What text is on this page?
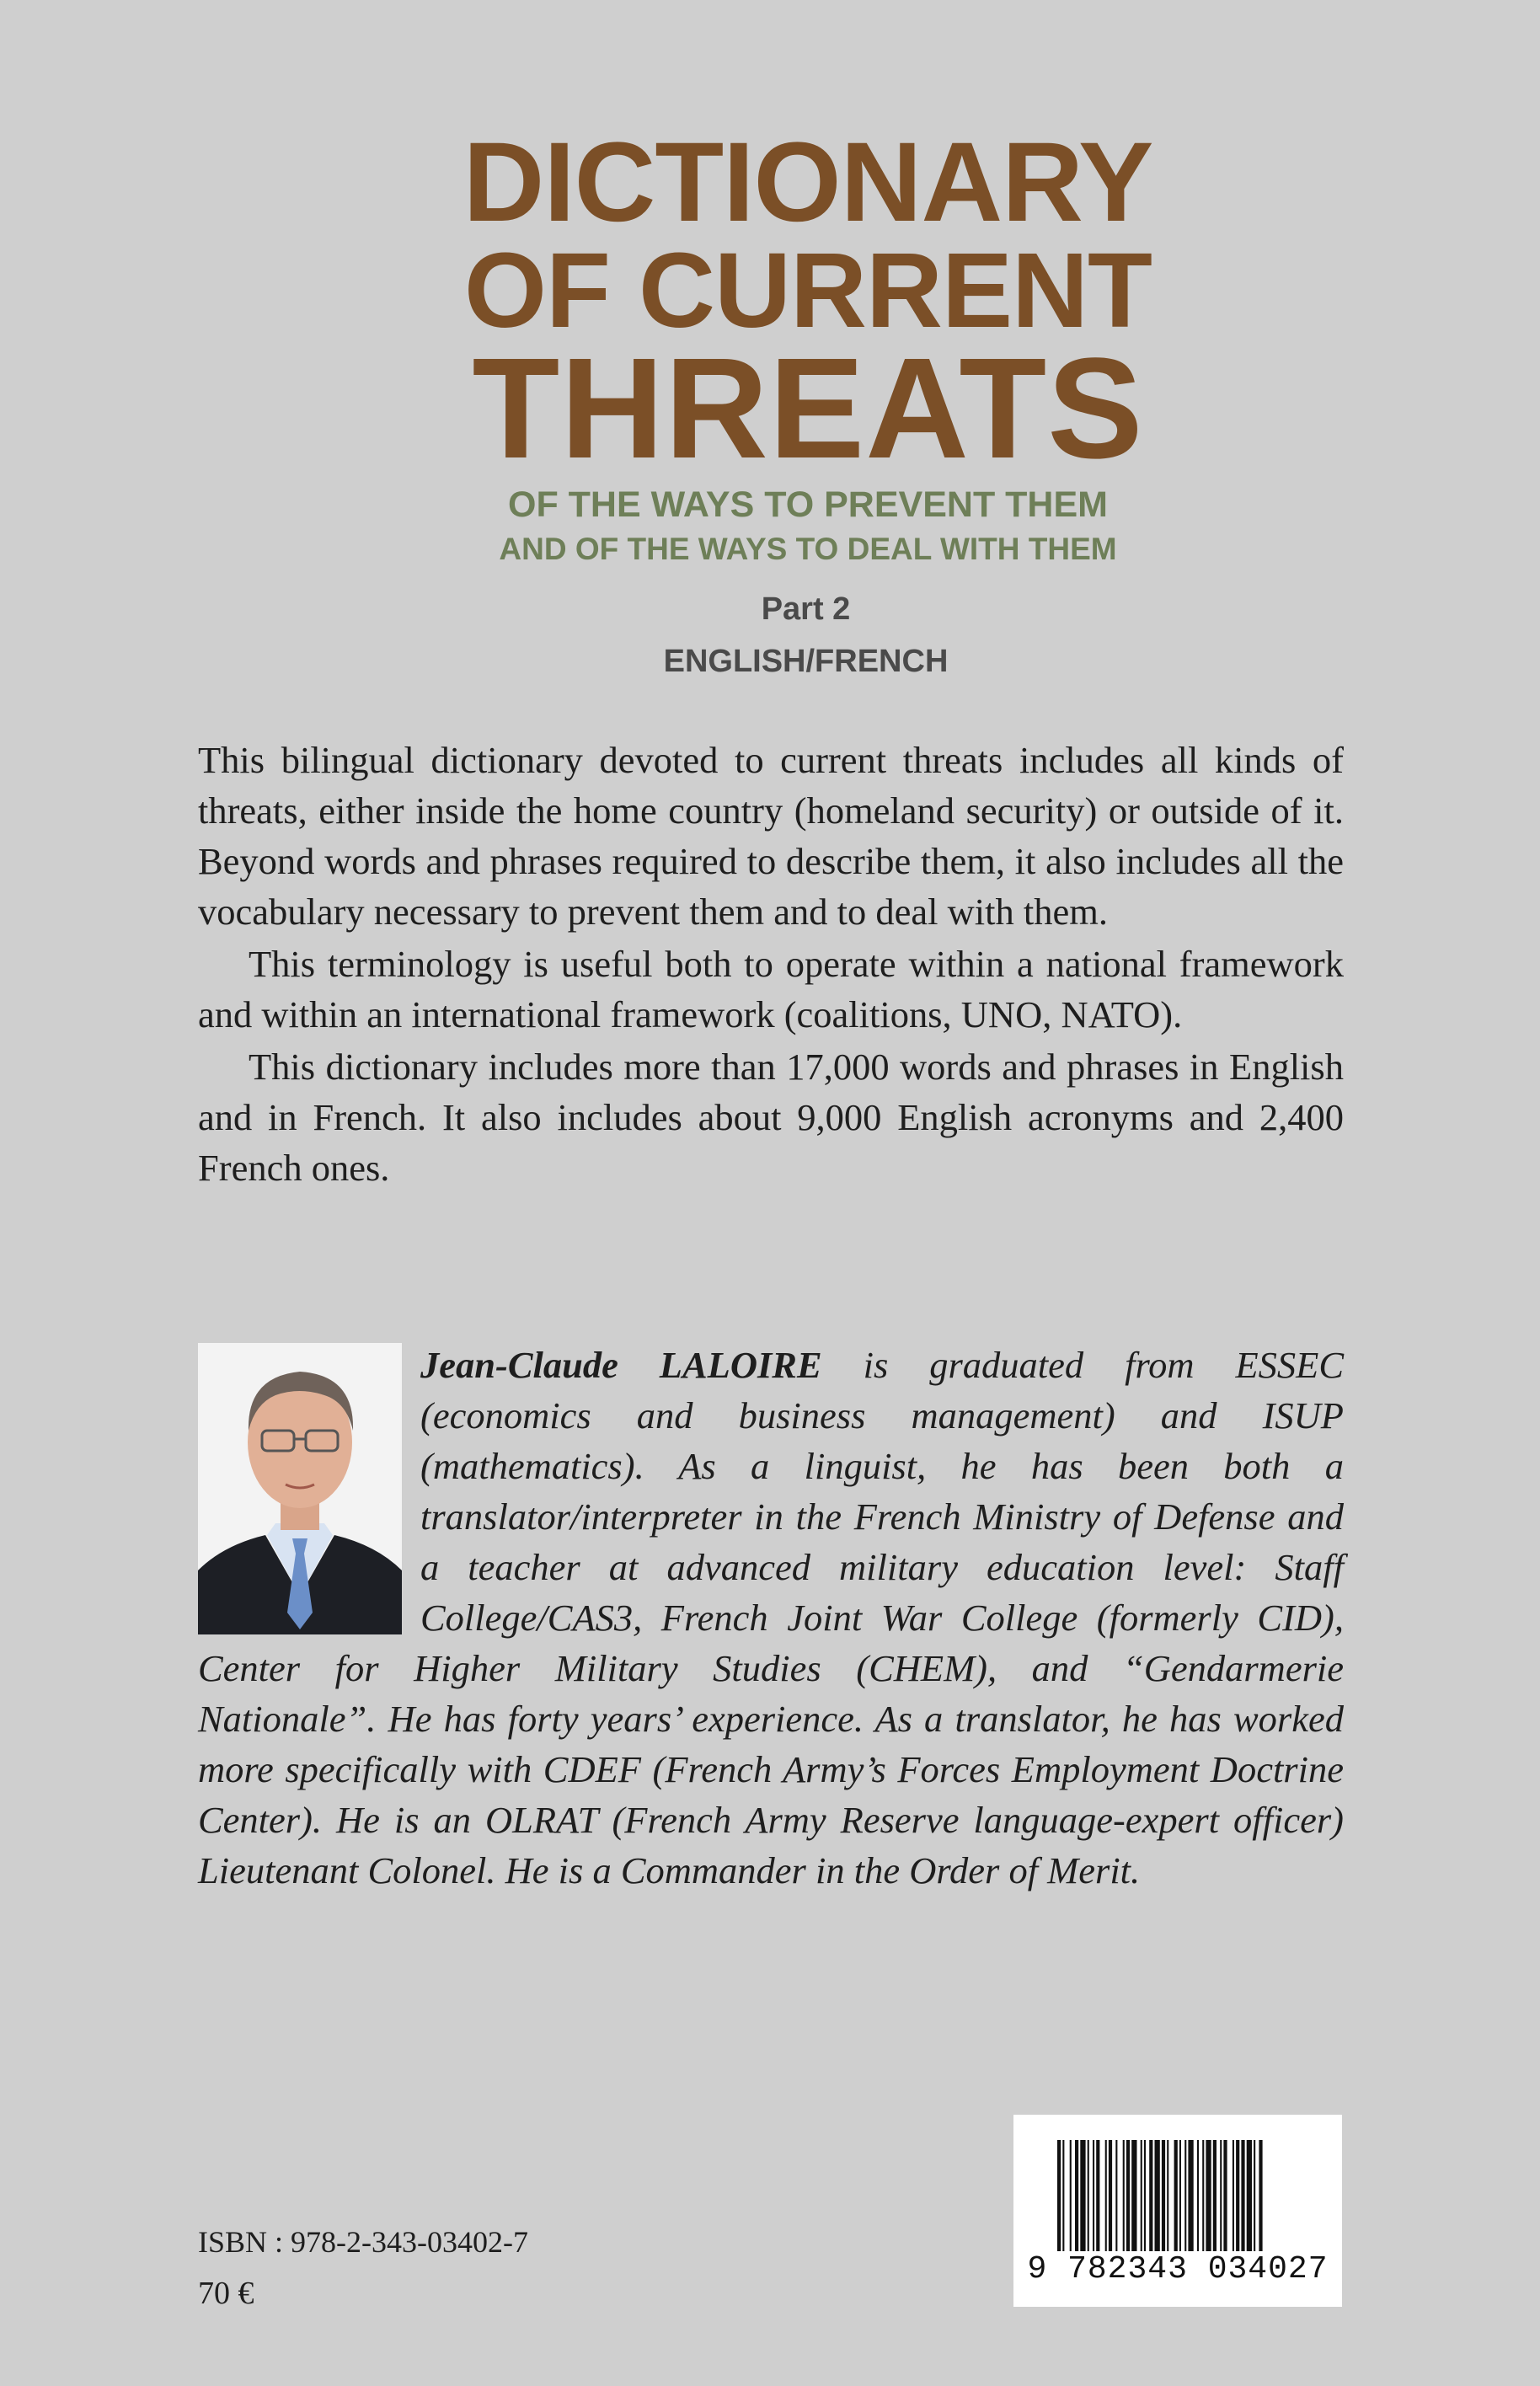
DICTIONARY
OF CURRENT
THREATS
OF THE WAYS TO PREVENT THEM
AND OF THE WAYS TO DEAL WITH THEM
Part 2
ENGLISH/FRENCH

This bilingual dictionary devoted to current threats includes all kinds of threats, either inside the home country (homeland security) or outside of it. Beyond words and phrases required to describe them, it also includes all the vocabulary necessary to prevent them and to deal with them.

This terminology is useful both to operate within a national framework and within an international framework (coalitions, UNO, NATO).

This dictionary includes more than 17,000 words and phrases in English and in French. It also includes about 9,000 English acronyms and 2,400 French ones.

Jean-Claude LALOIRE is graduated from ESSEC (economics and business management) and ISUP (mathematics). As a linguist, he has been both a translator/interpreter in the French Ministry of Defense and a teacher at advanced military education level: Staff College/CAS3, French Joint War College (formerly CID), Center for Higher Military Studies (CHEM), and “Gendarmerie Nationale”. He has forty years’ experience. As a translator, he has worked more specifically with CDEF (French Army’s Forces Employment Doctrine Center). He is an OLRAT (French Army Reserve language-expert officer) Lieutenant Colonel. He is a Commander in the Order of Merit.
ISBN : 978-2-343-03402-7
70 €
9 782343 034027
